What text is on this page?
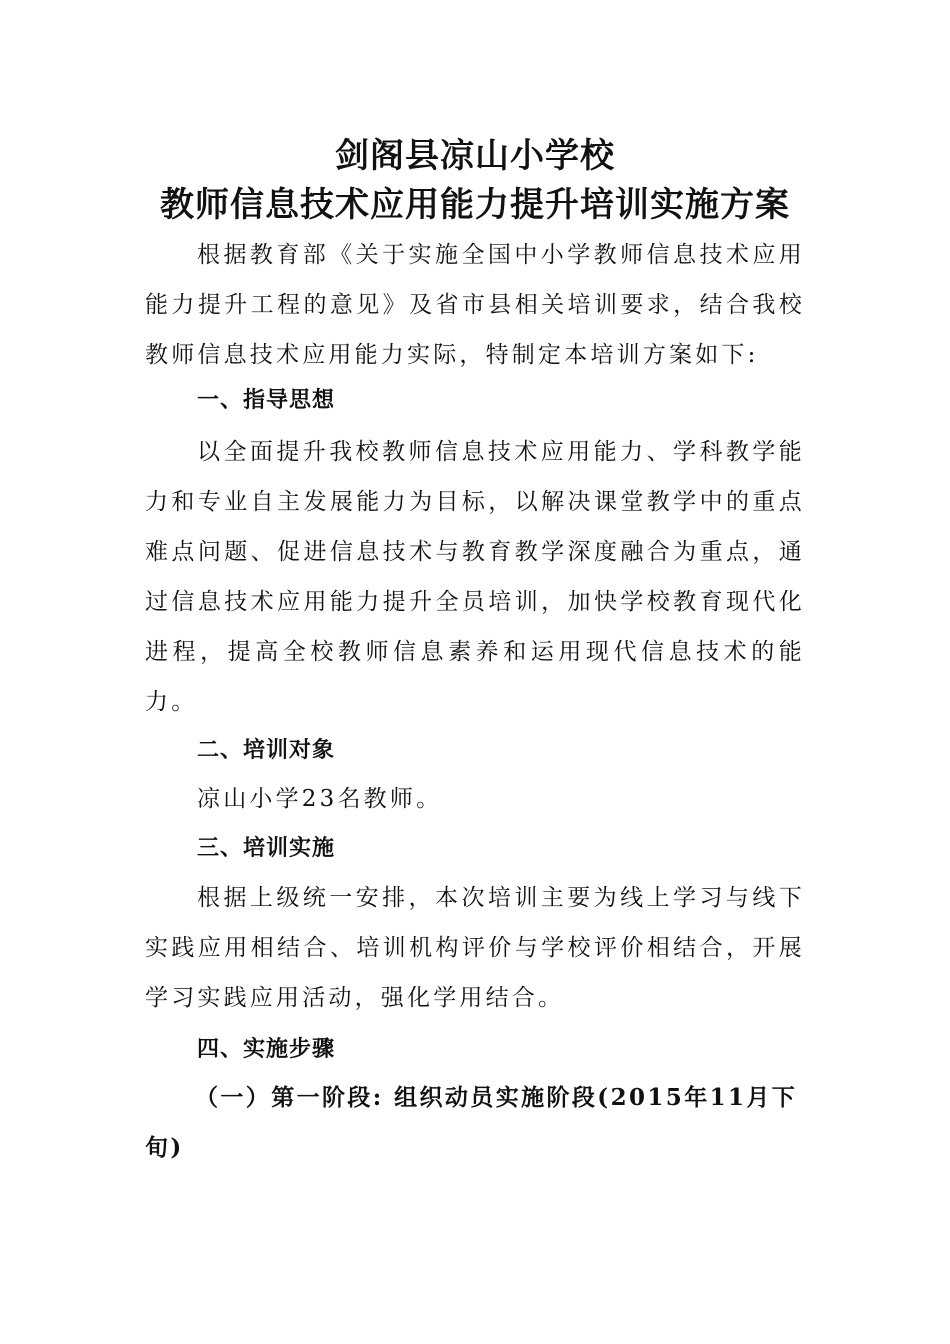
剑阁县凉山小学校
教师信息技术应用能力提升培训实施方案

根据教育部《关于实施全国中小学教师信息技术应用能力提升工程的意见》及省市县相关培训要求，结合我校教师信息技术应用能力实际，特制定本培训方案如下:

一、指导思想

以全面提升我校教师信息技术应用能力、学科教学能力和专业自主发展能力为目标，以解决课堂教学中的重点难点问题、促进信息技术与教育教学深度融合为重点，通过信息技术应用能力提升全员培训，加快学校教育现代化进程，提高全校教师信息素养和运用现代信息技术的能力。

二、培训对象

凉山小学23名教师。

三、培训实施

根据上级统一安排，本次培训主要为线上学习与线下实践应用相结合、培训机构评价与学校评价相结合，开展学习实践应用活动，强化学用结合。

四、实施步骤

（一）第一阶段: 组织动员实施阶段(2015年11月下旬)
